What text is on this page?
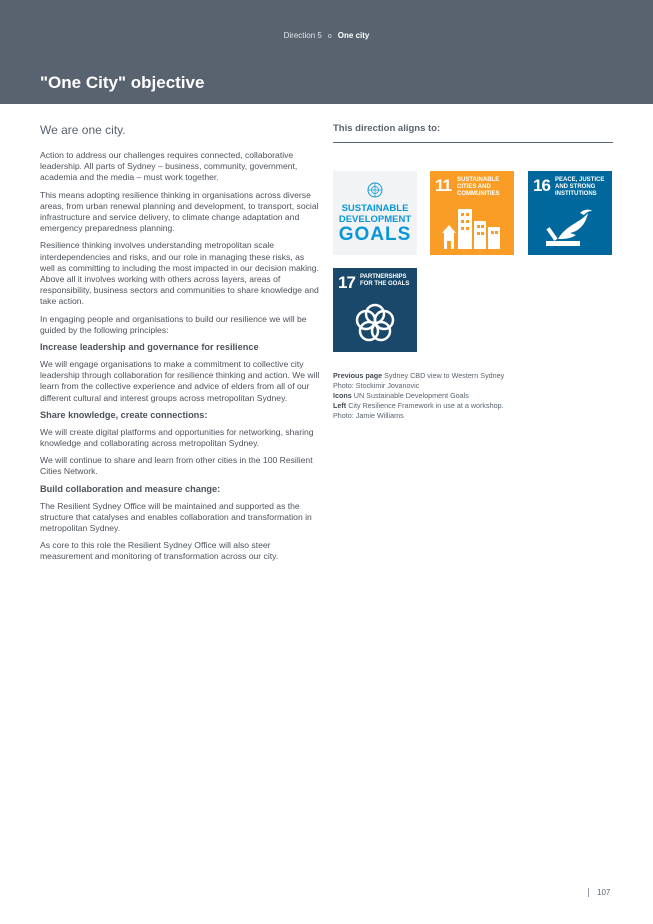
Direction 5 o One city
"One City" objective

We are one city.

Action to address our challenges requires connected, collaborative leadership. All parts of Sydney – business, community, government, academia and the media – must work together.

This means adopting resilience thinking in organisations across diverse areas, from urban renewal planning and development, to transport, social infrastructure and service delivery, to climate change adaptation and emergency preparedness planning.

Resilience thinking involves understanding metropolitan scale interdependencies and risks, and our role in managing these risks, as well as committing to including the most impacted in our decision making. Above all it involves working with others across layers, areas of responsibility, business sectors and communities to share knowledge and take action.

In engaging people and organisations to build our resilience we will be guided by the following principles:

Increase leadership and governance for resilience

We will engage organisations to make a commitment to collective city leadership through collaboration for resilience thinking and action. We will learn from the collective experience and advice of elders from all of our different cultural and interest groups across metropolitan Sydney.

Share knowledge, create connections:

We will create digital platforms and opportunities for networking, sharing knowledge and collaborating across metropolitan Sydney.

We will continue to share and learn from other cities in the 100 Resilient Cities Network.

Build collaboration and measure change:

The Resilient Sydney Office will be maintained and supported as the structure that catalyses and enables collaboration and transformation in metropolitan Sydney.

As core to this role the Resilient Sydney Office will also steer measurement and monitoring of transformation across our city.

This direction aligns to:

SUSTAINABLE
DEVELOPMENT
GOALS
11 SUSTAINABLE CITIES AND COMMUNITIES	16 PEACE, JUSTICE AND STRONG INSTITUTIONS
17 PARTNERSHIPS FOR THE GOALS
Previous page Sydney CBD view to Western Sydney
Photo: Stockimir Jovanovic
Icons UN Sustainable Development Goals
Left City Resilience Framework in use at a workshop.
Photo: Jamie Williams
107
